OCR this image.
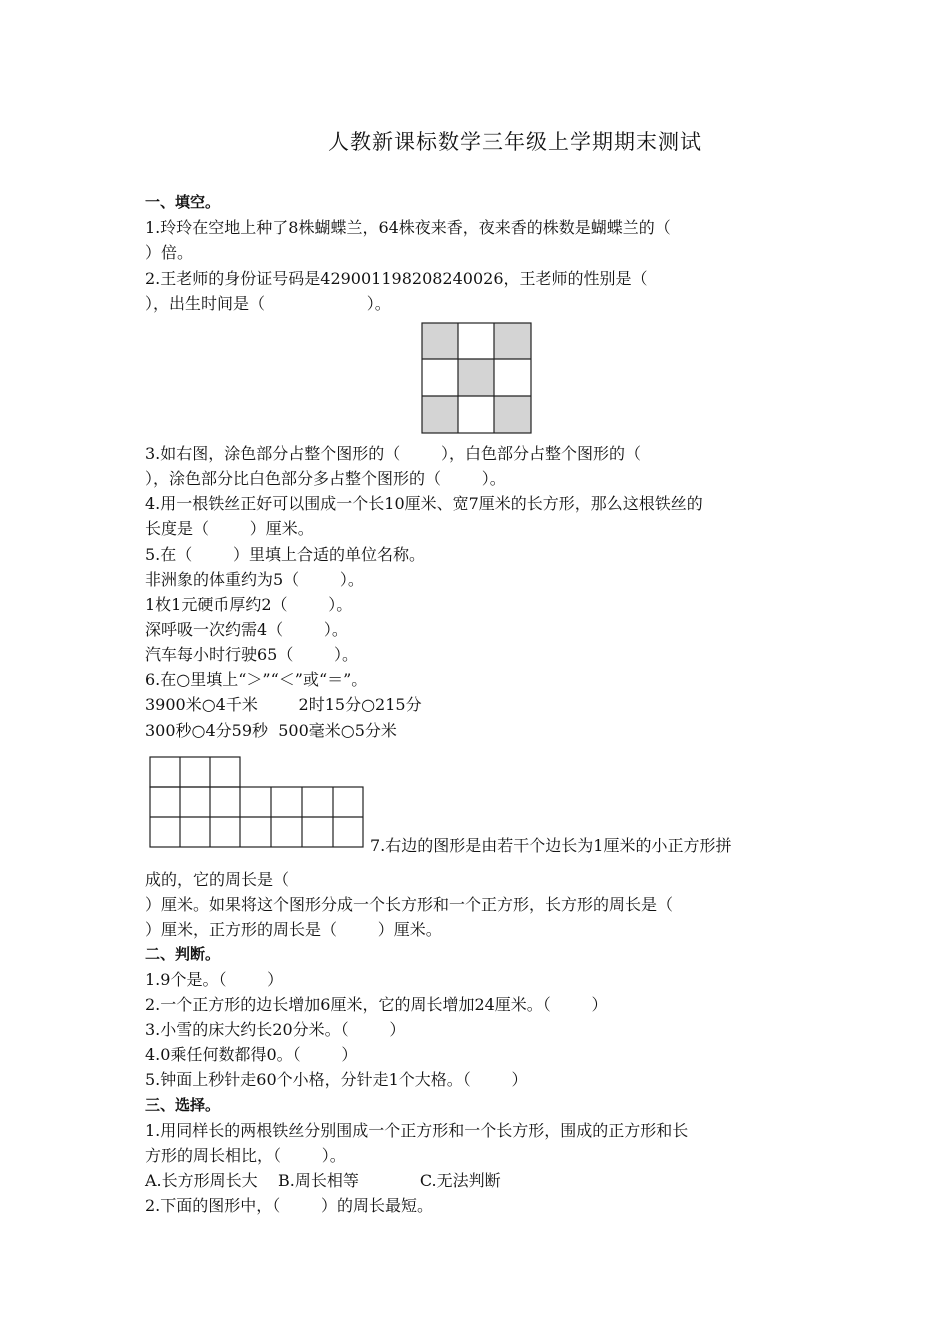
人教新课标数学三年级上学期期末测试

一、填空。

1.玲玲在空地上种了8株蝴蝶兰，64株夜来香，夜来香的株数是蝴蝶兰的（

）倍。

2.王老师的身份证号码是429001198208240026，王老师的性别是（

），出生时间是（                    ）。

3.如右图，涂色部分占整个图形的（        ），白色部分占整个图形的（

），涂色部分比白色部分多占整个图形的（        ）。

4.用一根铁丝正好可以围成一个长10厘米、宽7厘米的长方形，那么这根铁丝的

长度是（        ）厘米。

5.在（        ）里填上合适的单位名称。

非洲象的体重约为5（        ）。

1枚1元硬币厚约2（        ）。

深呼吸一次约需4（        ）。

汽车每小时行驶65（        ）。

6.在○里填上“＞”“＜”或“＝”。

3900米○4千米        2时15分○215分

300秒○4分59秒  500毫米○5分米

7.右边的图形是由若干个边长为1厘米的小正方形拼

成的，它的周长是（

）厘米。如果将这个图形分成一个长方形和一个正方形，长方形的周长是（

）厘米，正方形的周长是（        ）厘米。

二、判断。

1.9个是。（        ）

2.一个正方形的边长增加6厘米，它的周长增加24厘米。（        ）

3.小雪的床大约长20分米。（        ）

4.0乘任何数都得0。（        ）

5.钟面上秒针走60个小格，分针走1个大格。（        ）

三、选择。

1.用同样长的两根铁丝分别围成一个正方形和一个长方形，围成的正方形和长

方形的周长相比，（        ）。

A.长方形周长大    B.周长相等            C.无法判断

2.下面的图形中，（        ）的周长最短。
